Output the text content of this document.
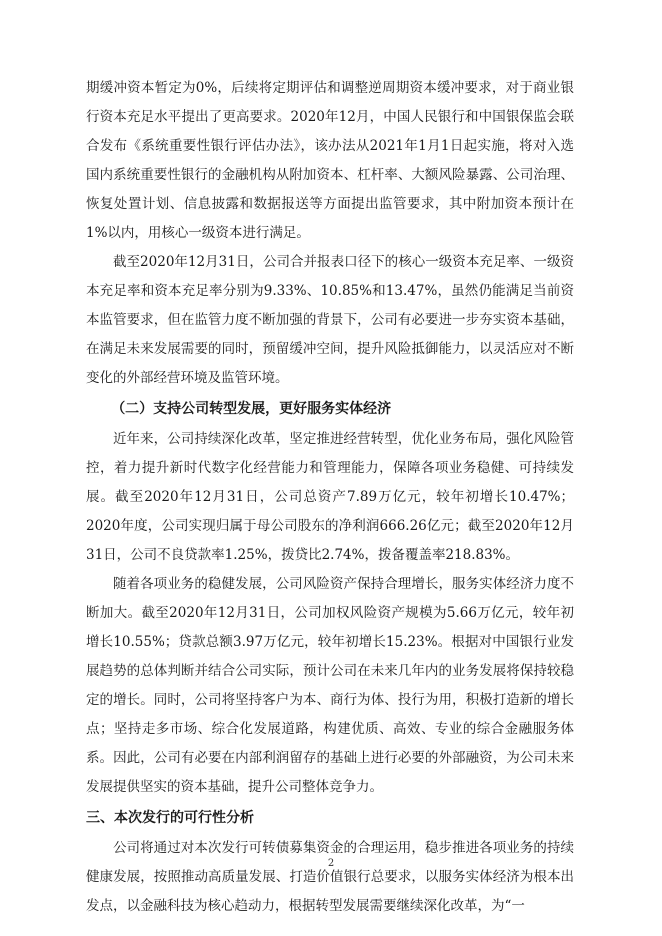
期缓冲资本暂定为0%，后续将定期评估和调整逆周期资本缓冲要求，对于商业银行资本充足水平提出了更高要求。2020年12月，中国人民银行和中国银保监会联合发布《系统重要性银行评估办法》，该办法从2021年1月1日起实施，将对入选国内系统重要性银行的金融机构从附加资本、杠杆率、大额风险暴露、公司治理、恢复处置计划、信息披露和数据报送等方面提出监管要求，其中附加资本预计在1%以内，用核心一级资本进行满足。

截至2020年12月31日，公司合并报表口径下的核心一级资本充足率、一级资本充足率和资本充足率分别为9.33%、10.85%和13.47%，虽然仍能满足当前资本监管要求，但在监管力度不断加强的背景下，公司有必要进一步夯实资本基础，在满足未来发展需要的同时，预留缓冲空间，提升风险抵御能力，以灵活应对不断变化的外部经营环境及监管环境。

（二）支持公司转型发展，更好服务实体经济

近年来，公司持续深化改革，坚定推进经营转型，优化业务布局，强化风险管控，着力提升新时代数字化经营能力和管理能力，保障各项业务稳健、可持续发展。截至2020年12月31日，公司总资产7.89万亿元，较年初增长10.47%；2020年度，公司实现归属于母公司股东的净利润666.26亿元；截至2020年12月31日，公司不良贷款率1.25%，拨贷比2.74%，拨备覆盖率218.83%。

随着各项业务的稳健发展，公司风险资产保持合理增长，服务实体经济力度不断加大。截至2020年12月31日，公司加权风险资产规模为5.66万亿元，较年初增长10.55%；贷款总额3.97万亿元，较年初增长15.23%。根据对中国银行业发展趋势的总体判断并结合公司实际，预计公司在未来几年内的业务发展将保持较稳定的增长。同时，公司将坚持客户为本、商行为体、投行为用，积极打造新的增长点；坚持走多市场、综合化发展道路，构建优质、高效、专业的综合金融服务体系。因此，公司有必要在内部利润留存的基础上进行必要的外部融资，为公司未来发展提供坚实的资本基础，提升公司整体竞争力。

三、本次发行的可行性分析

公司将通过对本次发行可转债募集资金的合理运用，稳步推进各项业务的持续健康发展，按照推动高质量发展、打造价值银行总要求，以服务实体经济为根本出发点，以金融科技为核心趋动力，根据转型发展需要继续深化改革，为“一

2
